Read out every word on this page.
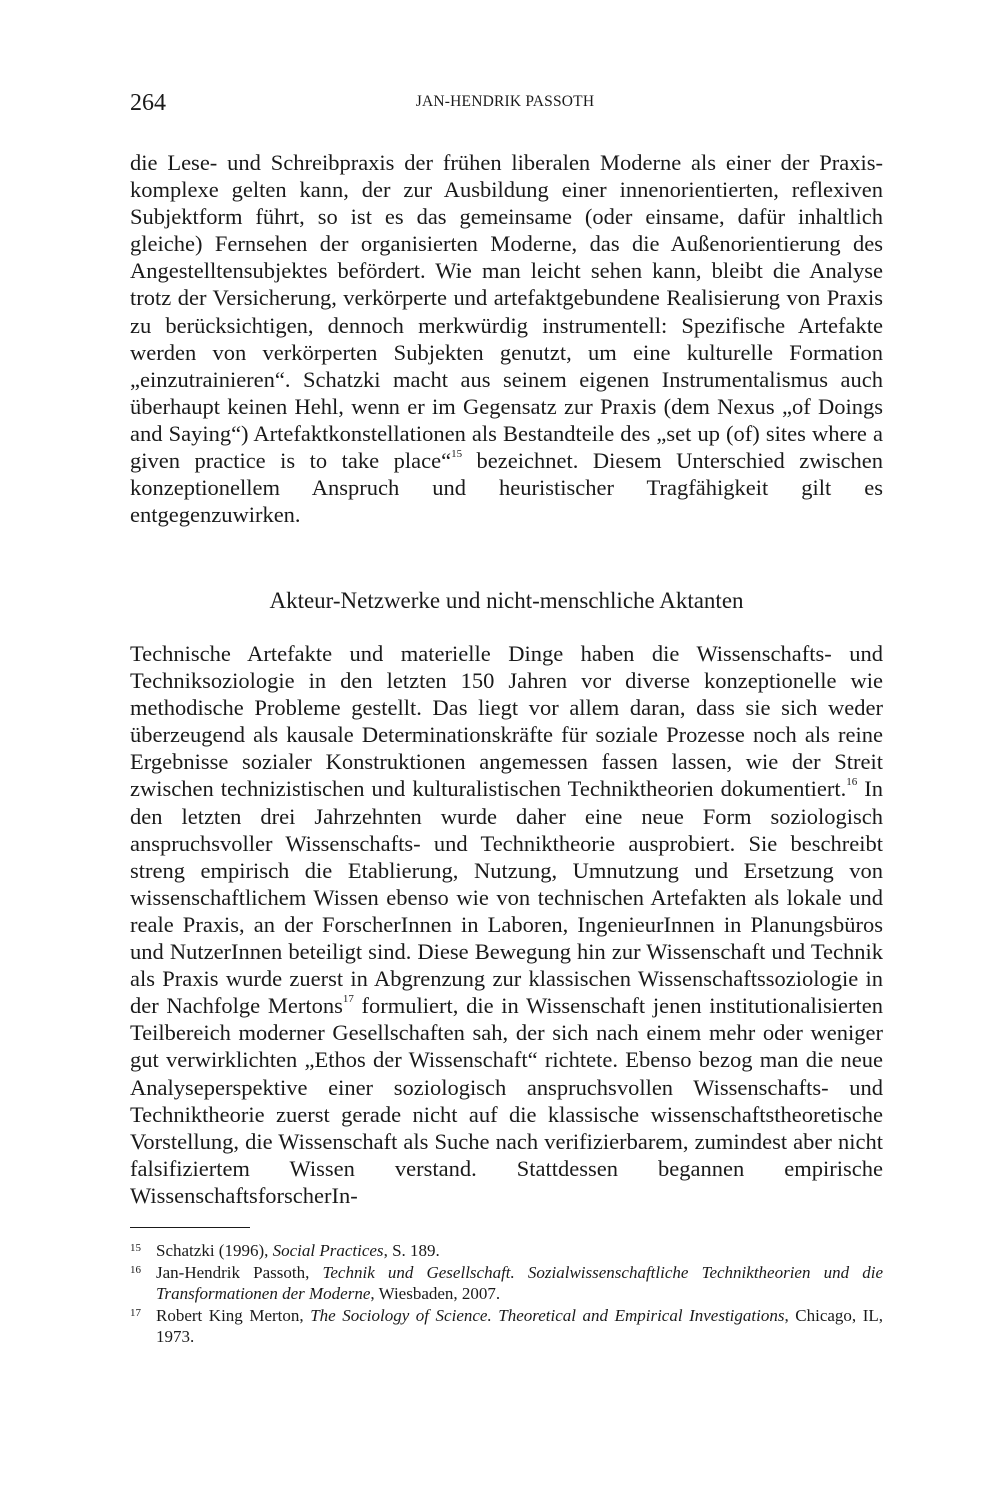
264	JAN-HENDRIK PASSOTH
die Lese- und Schreibpraxis der frühen liberalen Moderne als einer der Praxiskomplexe gelten kann, der zur Ausbildung einer innenorientierten, reflexiven Subjektform führt, so ist es das gemeinsame (oder einsame, dafür inhaltlich gleiche) Fernsehen der organisierten Moderne, das die Außenorientierung des Angestelltensubjektes befördert. Wie man leicht sehen kann, bleibt die Analyse trotz der Versicherung, verkörperte und artefaktgebundene Realisierung von Praxis zu berücksichtigen, dennoch merkwürdig instrumentell: Spezifische Artefakte werden von verkörperten Subjekten genutzt, um eine kulturelle Formation „einzutrainieren“. Schatzki macht aus seinem eigenen Instrumentalismus auch überhaupt keinen Hehl, wenn er im Gegensatz zur Praxis (dem Nexus „of Doings and Saying“) Artefaktkonstellationen als Bestandteile des „set up (of) sites where a given practice is to take place“$^{15}$ bezeichnet. Diesem Unterschied zwischen konzeptionellem Anspruch und heuristischer Tragfähigkeit gilt es entgegenzuwirken.
Akteur-Netzwerke und nicht-menschliche Aktanten
Technische Artefakte und materielle Dinge haben die Wissenschafts- und Techniksoziologie in den letzten 150 Jahren vor diverse konzeptionelle wie methodische Probleme gestellt. Das liegt vor allem daran, dass sie sich weder überzeugend als kausale Determinationskräfte für soziale Prozesse noch als reine Ergebnisse sozialer Konstruktionen angemessen fassen lassen, wie der Streit zwischen technizistischen und kulturalistischen Techniktheorien dokumentiert.$^{16}$ In den letzten drei Jahrzehnten wurde daher eine neue Form soziologisch anspruchsvoller Wissenschafts- und Techniktheorie ausprobiert. Sie beschreibt streng empirisch die Etablierung, Nutzung, Umnutzung und Ersetzung von wissenschaftlichem Wissen ebenso wie von technischen Artefakten als lokale und reale Praxis, an der ForscherInnen in Laboren, IngenieurInnen in Planungsbüros und NutzerInnen beteiligt sind. Diese Bewegung hin zur Wissenschaft und Technik als Praxis wurde zuerst in Abgrenzung zur klassischen Wissenschaftssoziologie in der Nachfolge Mertons$^{17}$ formuliert, die in Wissenschaft jenen institutionalisierten Teilbereich moderner Gesellschaften sah, der sich nach einem mehr oder weniger gut verwirklichten „Ethos der Wissenschaft“ richtete. Ebenso bezog man die neue Analyseperspektive einer soziologisch anspruchsvollen Wissenschafts- und Techniktheorie zuerst gerade nicht auf die klassische wissenschaftstheoretische Vorstellung, die Wissenschaft als Suche nach verifizierbarem, zumindest aber nicht falsifiziertem Wissen verstand. Stattdessen begannen empirische WissenschaftsforscherIn-
15 Schatzki (1996), Social Practices, S. 189.
16 Jan-Hendrik Passoth, Technik und Gesellschaft. Sozialwissenschaftliche Techniktheorien und die Transformationen der Moderne, Wiesbaden, 2007.
17 Robert King Merton, The Sociology of Science. Theoretical and Empirical Investigations, Chicago, IL, 1973.
